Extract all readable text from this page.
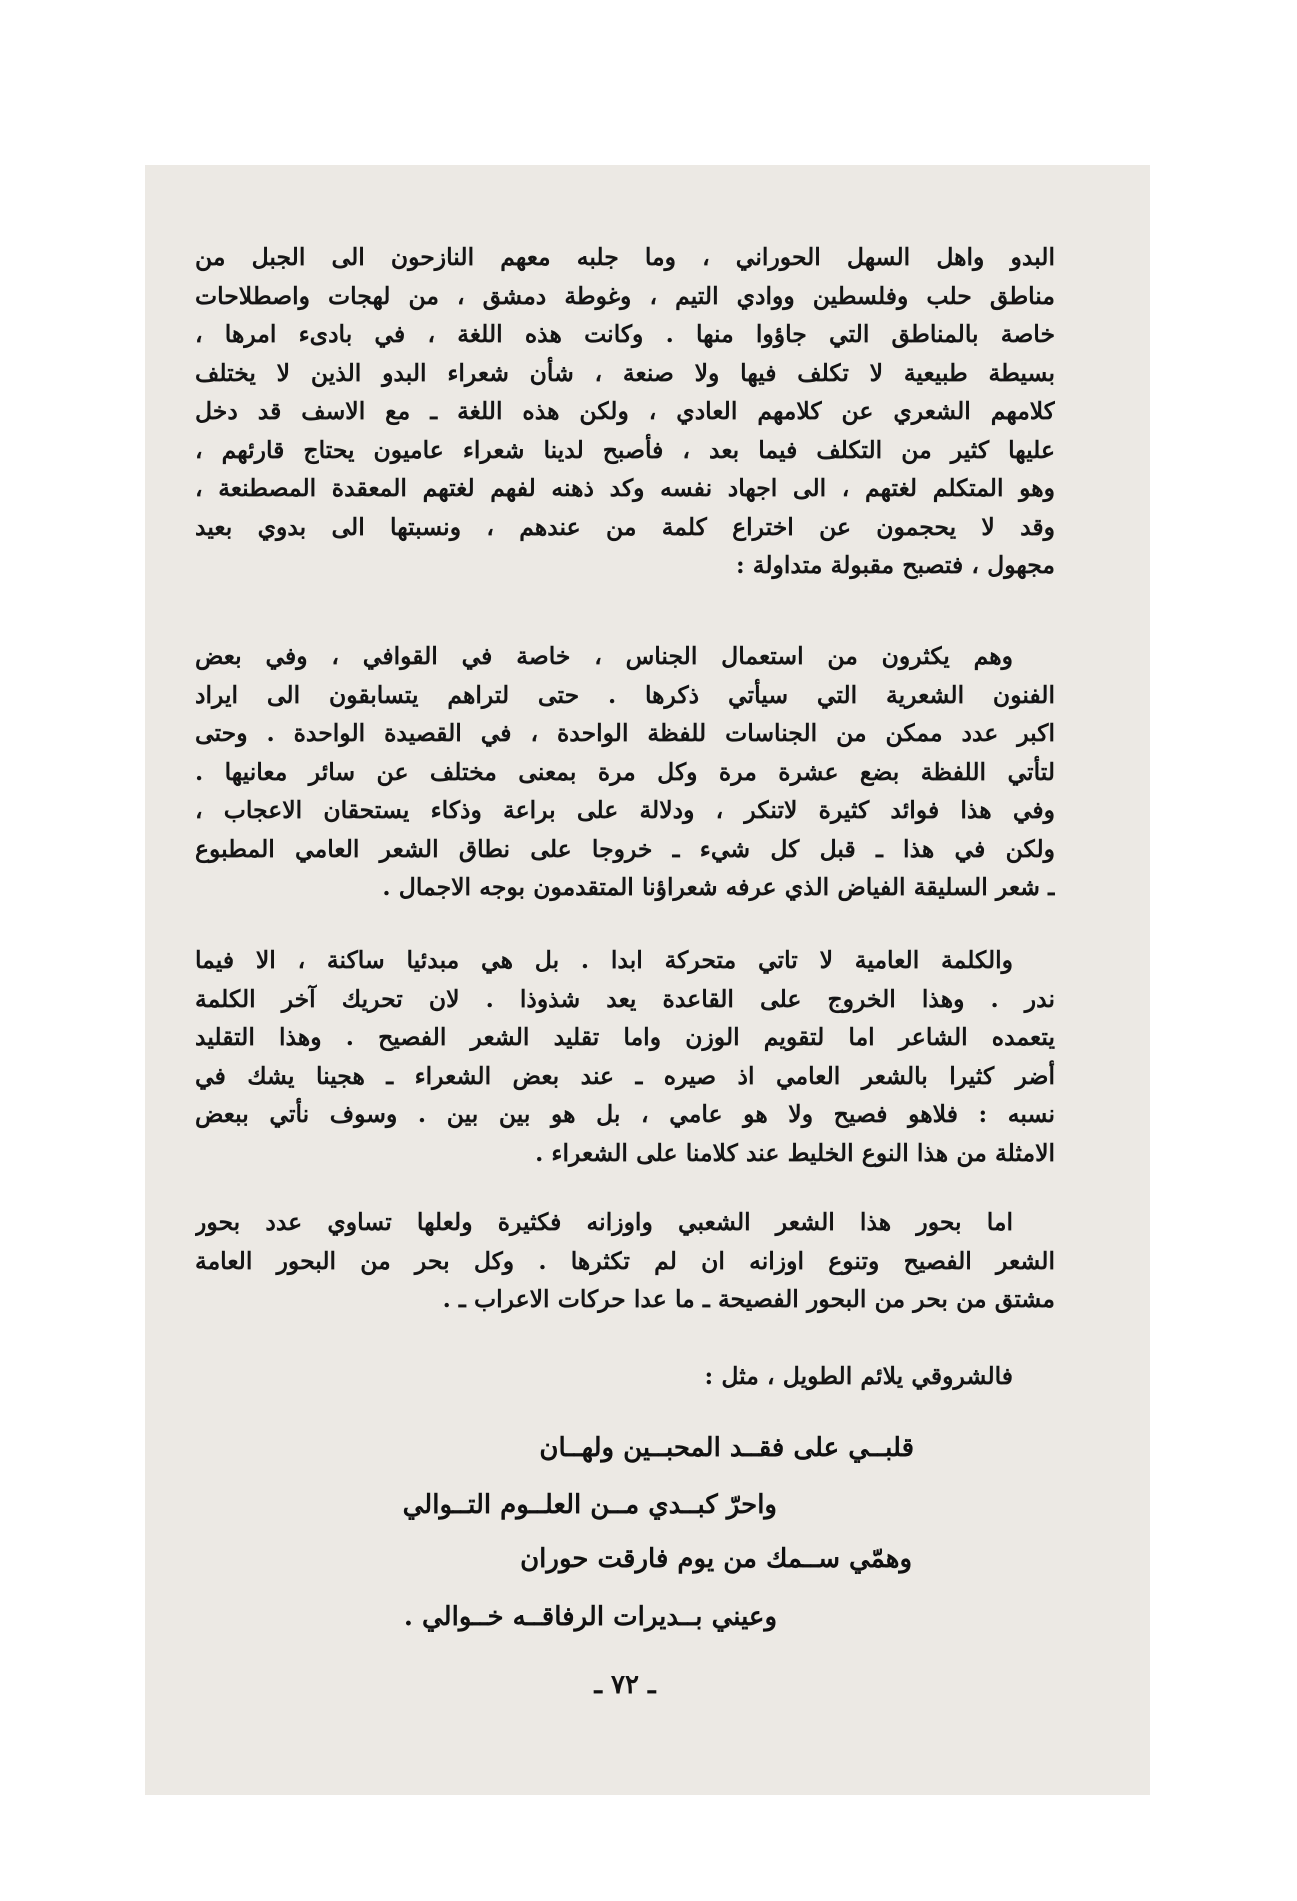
البدو واهل السهل الحوراني ، وما جلبه معهم النازحون الى الجبل من
مناطق حلب وفلسطين ووادي التيم ، وغوطة دمشق ، من لهجات واصطلاحات
خاصة بالمناطق التي جاؤوا منها . وكانت هذه اللغة ، في بادىء امرها ،
بسيطة طبيعية لا تكلف فيها ولا صنعة ، شأن شعراء البدو الذين لا يختلف
كلامهم الشعري عن كلامهم العادي ، ولكن هذه اللغة ـ مع الاسف قد دخل
عليها كثير من التكلف فيما بعد ، فأصبح لدينا شعراء عاميون يحتاج قارئهم ،
وهو المتكلم لغتهم ، الى اجهاد نفسه وكد ذهنه لفهم لغتهم المعقدة المصطنعة ،
وقد لا يحجمون عن اختراع كلمة من عندهم ، ونسبتها الى بدوي بعيد
مجهول ، فتصبح مقبولة متداولة :
وهم يكثرون من استعمال الجناس ، خاصة في القوافي ، وفي بعض
الفنون الشعرية التي سيأتي ذكرها . حتى لتراهم يتسابقون الى ايراد
اكبر عدد ممكن من الجناسات للفظة الواحدة ، في القصيدة الواحدة . وحتى
لتأتي اللفظة بضع عشرة مرة وكل مرة بمعنى مختلف عن سائر معانيها .
وفي هذا فوائد كثيرة لاتنكر ، ودلالة على براعة وذكاء يستحقان الاعجاب ،
ولكن في هذا ـ قبل كل شيء ـ خروجا على نطاق الشعر العامي المطبوع
ـ شعر السليقة الفياض الذي عرفه شعراؤنا المتقدمون بوجه الاجمال .
والكلمة العامية لا تاتي متحركة ابدا . بل هي مبدئيا ساكنة ، الا فيما
ندر . وهذا الخروج على القاعدة يعد شذوذا . لان تحريك آخر الكلمة
يتعمده الشاعر اما لتقويم الوزن واما تقليد الشعر الفصيح . وهذا التقليد
أضر كثيرا بالشعر العامي اذ صيره ـ عند بعض الشعراء ـ هجينا يشك في
نسبه : فلاهو فصيح ولا هو عامي ، بل هو بين بين . وسوف نأتي ببعض
الامثلة من هذا النوع الخليط عند كلامنا على الشعراء .
اما بحور هذا الشعر الشعبي واوزانه فكثيرة ولعلها تساوي عدد بحور
الشعر الفصيح وتنوع اوزانه ان لم تكثرها . وكل بحر من البحور العامة
مشتق من بحر من البحور الفصيحة ـ ما عدا حركات الاعراب ـ .
فالشروقي يلائم الطويل ، مثل :
قلبــي على فقــد المحبــين ولهــان
واحرّ كبــدي مــن العلــوم التــوالي
وهمّي ســمك من يوم فارقت حوران
وعيني بــديرات الرفاقــه خــوالي .
ـ ٧٢ ـ
